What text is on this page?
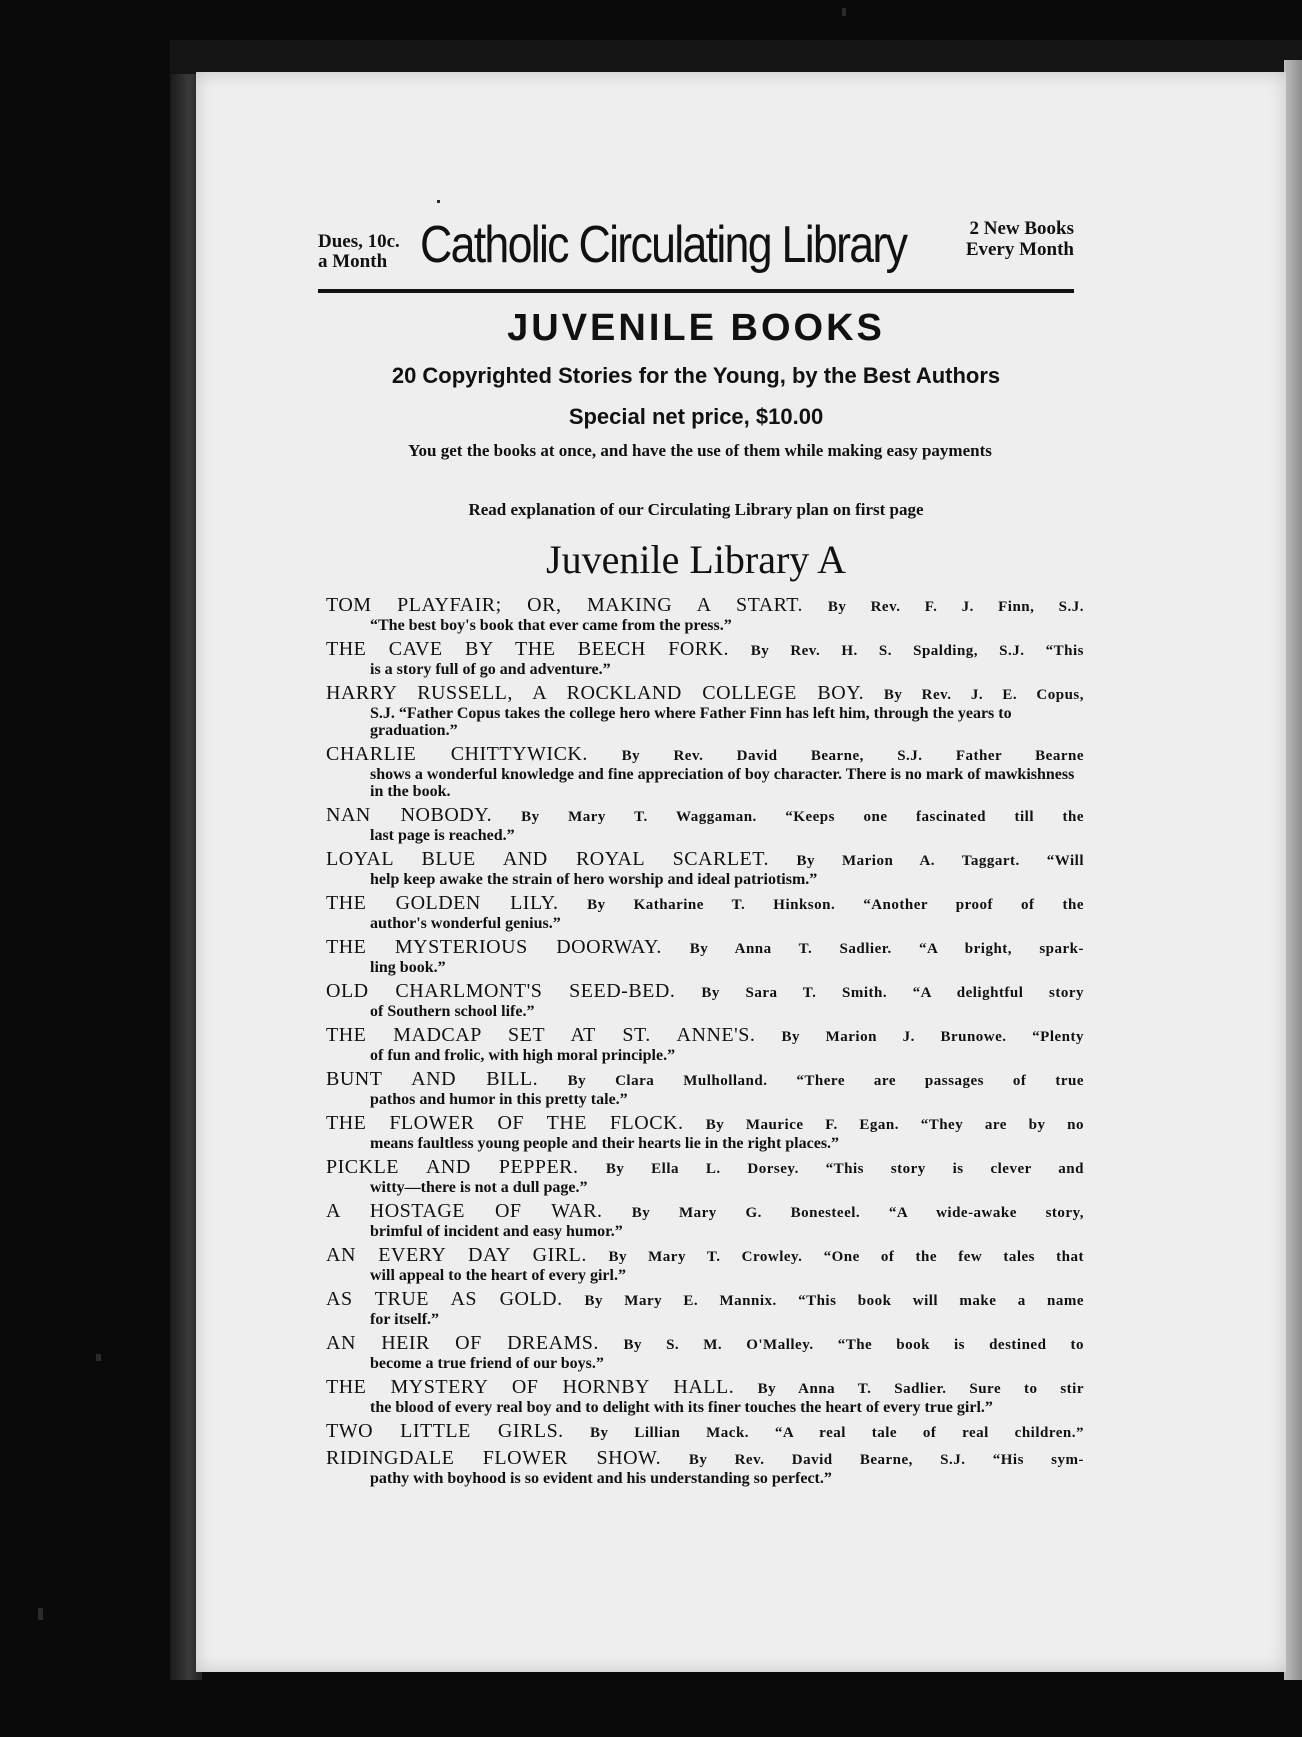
Dues, 10c.
a Month Catholic Circulating Library	2 New Books
Every Month
JUVENILE BOOKS
20 Copyrighted Stories for the Young, by the Best Authors
Special net price, $10.00
You get the books at once, and have the use of them while making easy payments
Read explanation of our Circulating Library plan on first page
Juvenile Library A
TOM PLAYFAIR; OR, MAKING A START. By Rev. F. J. Finn, S.J.
“The best boy's book that ever came from the press.”
THE CAVE BY THE BEECH FORK. By Rev. H. S. Spalding, S.J. “This
is a story full of go and adventure.”
HARRY RUSSELL, A ROCKLAND COLLEGE BOY. By Rev. J. E. Copus,
S.J. “Father Copus takes the college hero where Father Finn has left him, through the years to graduation.”
CHARLIE CHITTYWICK. By Rev. David Bearne, S.J. Father Bearne
shows a wonderful knowledge and fine appreciation of boy character. There is no mark of mawkishness in the book.
NAN NOBODY. By Mary T. Waggaman. “Keeps one fascinated till the
last page is reached.”
LOYAL BLUE AND ROYAL SCARLET. By Marion A. Taggart. “Will
help keep awake the strain of hero worship and ideal patriotism.”
THE GOLDEN LILY. By Katharine T. Hinkson. “Another proof of the
author's wonderful genius.”
THE MYSTERIOUS DOORWAY. By Anna T. Sadlier. “A bright, spark-
ling book.”
OLD CHARLMONT'S SEED-BED. By Sara T. Smith. “A delightful story
of Southern school life.”
THE MADCAP SET AT ST. ANNE'S. By Marion J. Brunowe. “Plenty
of fun and frolic, with high moral principle.”
BUNT AND BILL. By Clara Mulholland. “There are passages of true
pathos and humor in this pretty tale.”
THE FLOWER OF THE FLOCK. By Maurice F. Egan. “They are by no
means faultless young people and their hearts lie in the right places.”
PICKLE AND PEPPER. By Ella L. Dorsey. “This story is clever and
witty—there is not a dull page.”
A HOSTAGE OF WAR. By Mary G. Bonesteel. “A wide-awake story,
brimful of incident and easy humor.”
AN EVERY DAY GIRL. By Mary T. Crowley. “One of the few tales that
will appeal to the heart of every girl.”
AS TRUE AS GOLD. By Mary E. Mannix. “This book will make a name
for itself.”
AN HEIR OF DREAMS. By S. M. O'Malley. “The book is destined to
become a true friend of our boys.”
THE MYSTERY OF HORNBY HALL. By Anna T. Sadlier. Sure to stir
the blood of every real boy and to delight with its finer touches the heart of every true girl.”
TWO LITTLE GIRLS. By Lillian Mack. “A real tale of real children.”
RIDINGDALE FLOWER SHOW. By Rev. David Bearne, S.J. “His sym-
pathy with boyhood is so evident and his understanding so perfect.”
